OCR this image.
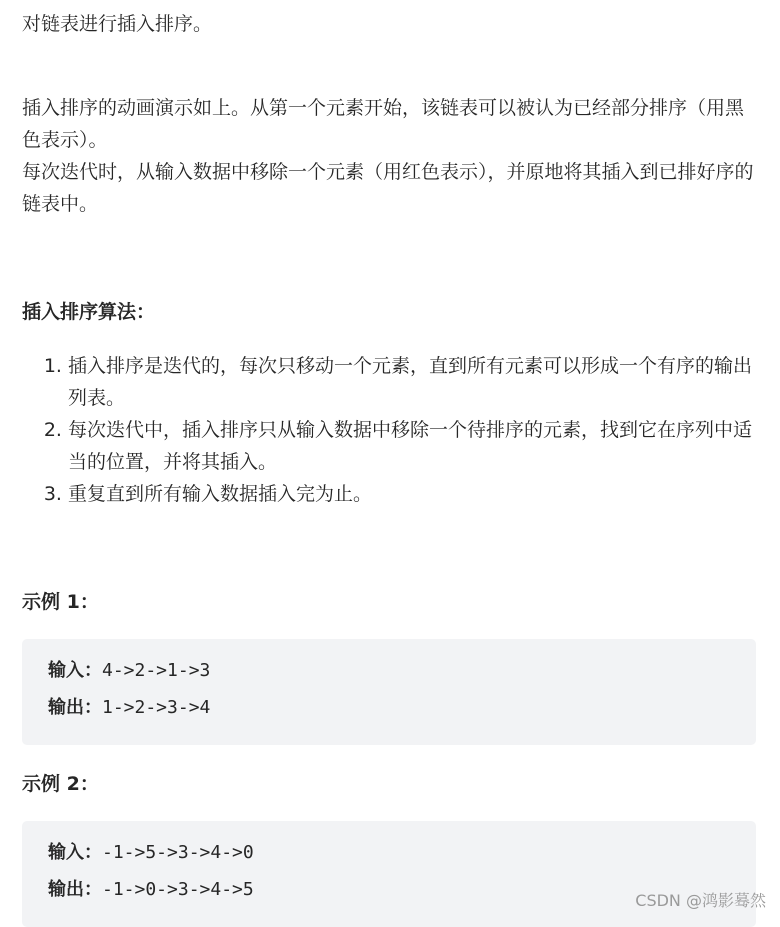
对链表进行插入排序。

插入排序的动画演示如上。从第一个元素开始，该链表可以被认为已经部分排序（用黑色表示）。
每次迭代时，从输入数据中移除一个元素（用红色表示），并原地将其插入到已排好序的链表中。

插入排序算法：

1. 插入排序是迭代的，每次只移动一个元素，直到所有元素可以形成一个有序的输出列表。
2. 每次迭代中，插入排序只从输入数据中移除一个待排序的元素，找到它在序列中适当的位置，并将其插入。
3. 重复直到所有输入数据插入完为止。

示例 1：

输入：4->2->1->3
输出：1->2->3->4

示例 2：

输入：-1->5->3->4->0
输出：-1->0->3->4->5
CSDN @鸿影蓦然
